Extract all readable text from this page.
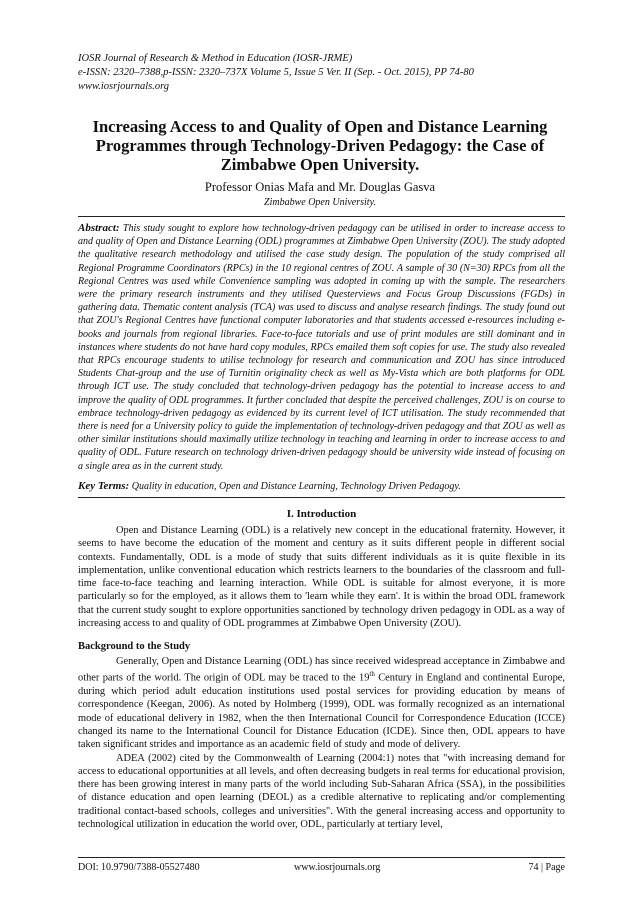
IOSR Journal of Research & Method in Education (IOSR-JRME)
e-ISSN: 2320–7388,p-ISSN: 2320–737X Volume 5, Issue 5 Ver. II (Sep. - Oct. 2015), PP 74-80
www.iosrjournals.org
Increasing Access to and Quality of Open and Distance Learning Programmes through Technology-Driven Pedagogy: the Case of Zimbabwe Open University.
Professor Onias Mafa and Mr. Douglas Gasva
Zimbabwe Open University.
Abstract: This study sought to explore how technology-driven pedagogy can be utilised in order to increase access to and quality of Open and Distance Learning (ODL) programmes at Zimbabwe Open University (ZOU). The study adopted the qualitative research methodology and utilised the case study design. The population of the study comprised all Regional Programme Coordinators (RPCs) in the 10 regional centres of ZOU. A sample of 30 (N=30) RPCs from all the Regional Centres was used while Convenience sampling was adopted in coming up with the sample. The researchers were the primary research instruments and they utilised Questerviews and Focus Group Discussions (FGDs) in gathering data. Thematic content analysis (TCA) was used to discuss and analyse research findings. The study found out that ZOU's Regional Centres have functional computer laboratories and that students accessed e-resources including e-books and journals from regional libraries. Face-to-face tutorials and use of print modules are still dominant and in instances where students do not have hard copy modules, RPCs emailed them soft copies for use. The study also revealed that RPCs encourage students to utilise technology for research and communication and ZOU has since introduced Students Chat-group and the use of Turnitin originality check as well as My-Vista which are both platforms for ODL through ICT use. The study concluded that technology-driven pedagogy has the potential to increase access to and improve the quality of ODL programmes. It further concluded that despite the perceived challenges, ZOU is on course to embrace technology-driven pedagogy as evidenced by its current level of ICT utilisation. The study recommended that there is need for a University policy to guide the implementation of technology-driven pedagogy and that ZOU as well as other similar institutions should maximally utilize technology in teaching and learning in order to increase access to and quality of ODL. Future research on technology driven-driven pedagogy should be university wide instead of focusing on a single area as in the current study.
Key Terms: Quality in education, Open and Distance Learning, Technology Driven Pedagogy.
I. Introduction

Open and Distance Learning (ODL) is a relatively new concept in the educational fraternity. However, it seems to have become the education of the moment and century as it suits different people in different social contexts. Fundamentally, ODL is a mode of study that suits different individuals as it is quite flexible in its implementation, unlike conventional education which restricts learners to the boundaries of the classroom and full-time face-to-face teaching and learning interaction. While ODL is suitable for almost everyone, it is more particularly so for the employed, as it allows them to 'learn while they earn'. It is within the broad ODL framework that the current study sought to explore opportunities sanctioned by technology driven pedagogy in ODL as a way of increasing access to and quality of ODL programmes at Zimbabwe Open University (ZOU).

Background to the Study

Generally, Open and Distance Learning (ODL) has since received widespread acceptance in Zimbabwe and other parts of the world. The origin of ODL may be traced to the 19th Century in England and continental Europe, during which period adult education institutions used postal services for providing education by means of correspondence (Keegan, 2006). As noted by Holmberg (1999), ODL was formally recognized as an international mode of educational delivery in 1982, when the then International Council for Correspondence Education (ICCE) changed its name to the International Council for Distance Education (ICDE). Since then, ODL appears to have taken significant strides and importance as an academic field of study and mode of delivery.

ADEA (2002) cited by the Commonwealth of Learning (2004:1) notes that "with increasing demand for access to educational opportunities at all levels, and often decreasing budgets in real terms for educational provision, there has been growing interest in many parts of the world including Sub-Saharan Africa (SSA), in the possibilities of distance education and open learning (DEOL) as a credible alternative to replicating and/or complementing traditional contact-based schools, colleges and universities". With the general increasing access and opportunity to technological utilization in education the world over, ODL, particularly at tertiary level,

DOI: 10.9790/7388-05527480	www.iosrjournals.org	74 | Page
